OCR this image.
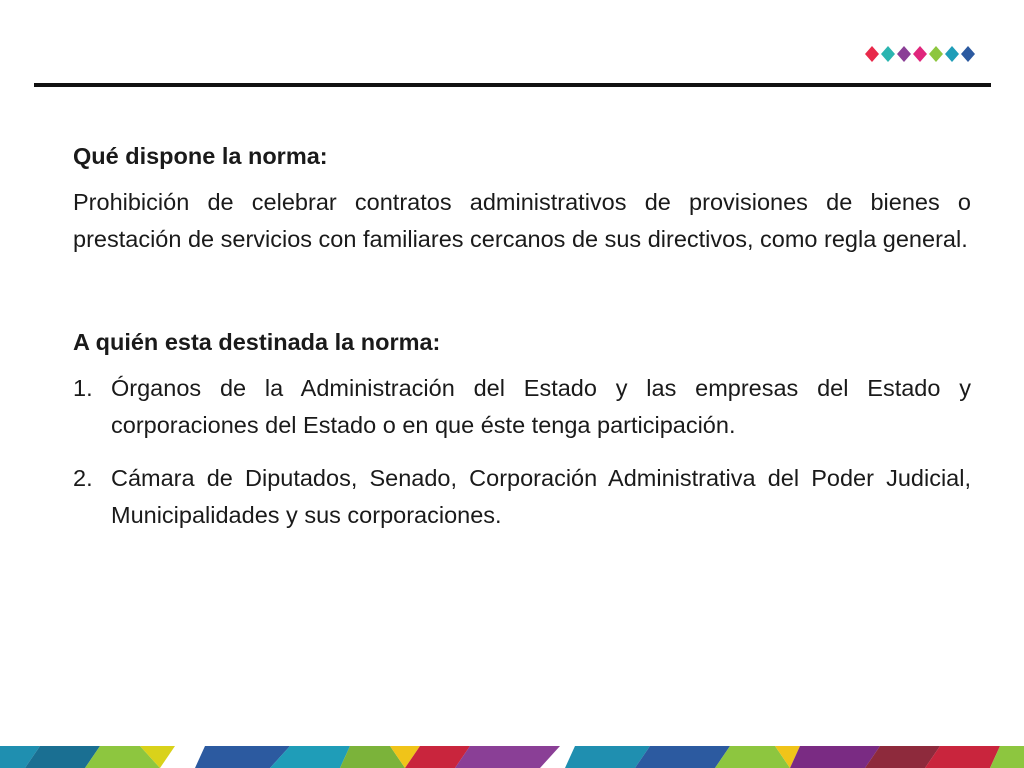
Qué dispone la norma:

Prohibición de celebrar contratos administrativos de provisiones de bienes o prestación de servicios con familiares cercanos de sus directivos, como regla general.

A quién esta destinada la norma:
1. Órganos de la Administración del Estado y las empresas del Estado y corporaciones del Estado o en que éste tenga participación.
2. Cámara de Diputados, Senado, Corporación Administrativa del Poder Judicial, Municipalidades y sus corporaciones.
